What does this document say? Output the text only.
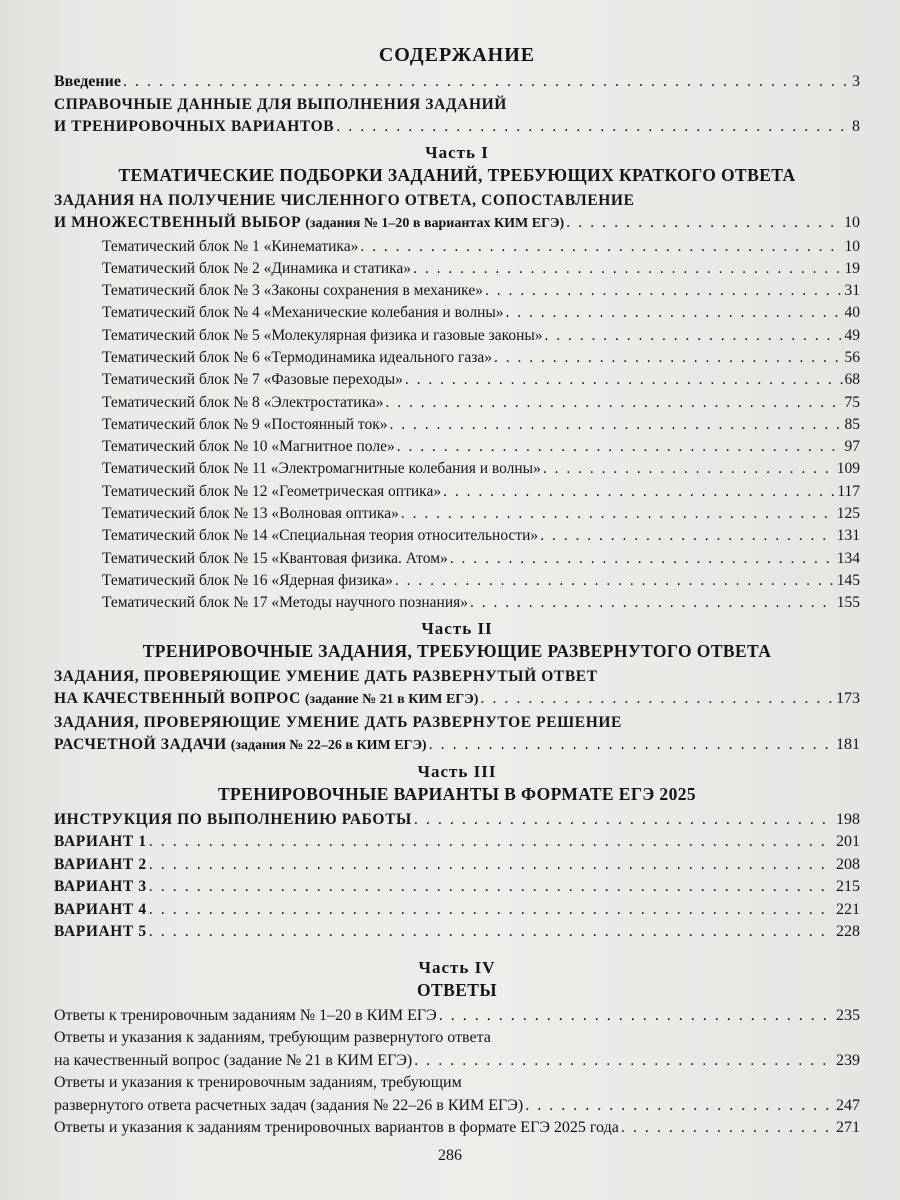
СОДЕРЖАНИЕ
Введение . . .	3
СПРАВОЧНЫЕ ДАННЫЕ ДЛЯ ВЫПОЛНЕНИЯ ЗАДАНИЙ
И ТРЕНИРОВОЧНЫХ ВАРИАНТОВ . . .	8
Часть I
ТЕМАТИЧЕСКИЕ ПОДБОРКИ ЗАДАНИЙ, ТРЕБУЮЩИХ КРАТКОГО ОТВЕТА
ЗАДАНИЯ НА ПОЛУЧЕНИЕ ЧИСЛЕННОГО ОТВЕТА, СОПОСТАВЛЕНИЕ
И МНОЖЕСТВЕННЫЙ ВЫБОР (задания № 1–20 в вариантах КИМ ЕГЭ) . . .	10
Тематический блок № 1 «Кинематика» . . .	10
Тематический блок № 2 «Динамика и статика» . . .	19
Тематический блок № 3 «Законы сохранения в механике» . . .	31
Тематический блок № 4 «Механические колебания и волны» . . .	40
Тематический блок № 5 «Молекулярная физика и газовые законы» . . .	49
Тематический блок № 6 «Термодинамика идеального газа» . . .	56
Тематический блок № 7 «Фазовые переходы» . . .	68
Тематический блок № 8 «Электростатика» . . .	75
Тематический блок № 9 «Постоянный ток» . . .	85
Тематический блок № 10 «Магнитное поле» . . .	97
Тематический блок № 11 «Электромагнитные колебания и волны» . . .	109
Тематический блок № 12 «Геометрическая оптика» . . .	117
Тематический блок № 13 «Волновая оптика» . . .	125
Тематический блок № 14 «Специальная теория относительности» . . .	131
Тематический блок № 15 «Квантовая физика. Атом» . . .	134
Тематический блок № 16 «Ядерная физика» . . .	145
Тематический блок № 17 «Методы научного познания» . . .	155
Часть II
ТРЕНИРОВОЧНЫЕ ЗАДАНИЯ, ТРЕБУЮЩИЕ РАЗВЕРНУТОГО ОТВЕТА
ЗАДАНИЯ, ПРОВЕРЯЮЩИЕ УМЕНИЕ ДАТЬ РАЗВЕРНУТЫЙ ОТВЕТ
НА КАЧЕСТВЕННЫЙ ВОПРОС (задание № 21 в КИМ ЕГЭ) . . .	173
ЗАДАНИЯ, ПРОВЕРЯЮЩИЕ УМЕНИЕ ДАТЬ РАЗВЕРНУТОЕ РЕШЕНИЕ
РАСЧЕТНОЙ ЗАДАЧИ (задания № 22–26 в КИМ ЕГЭ) . . .	181
Часть III
ТРЕНИРОВОЧНЫЕ ВАРИАНТЫ В ФОРМАТЕ ЕГЭ 2025
ИНСТРУКЦИЯ ПО ВЫПОЛНЕНИЮ РАБОТЫ . . .	198
ВАРИАНТ 1 . . .	201
ВАРИАНТ 2 . . .	208
ВАРИАНТ 3 . . .	215
ВАРИАНТ 4 . . .	221
ВАРИАНТ 5 . . .	228
Часть IV
ОТВЕТЫ
Ответы к тренировочным заданиям № 1–20 в КИМ ЕГЭ . . .	235
Ответы и указания к заданиям, требующим развернутого ответа
на качественный вопрос (задание № 21 в КИМ ЕГЭ) . . .	239
Ответы и указания к тренировочным заданиям, требующим
развернутого ответа расчетных задач (задания № 22–26 в КИМ ЕГЭ) . . .	247
Ответы и указания к заданиям тренировочных вариантов в формате ЕГЭ 2025 года . . .	271
286
